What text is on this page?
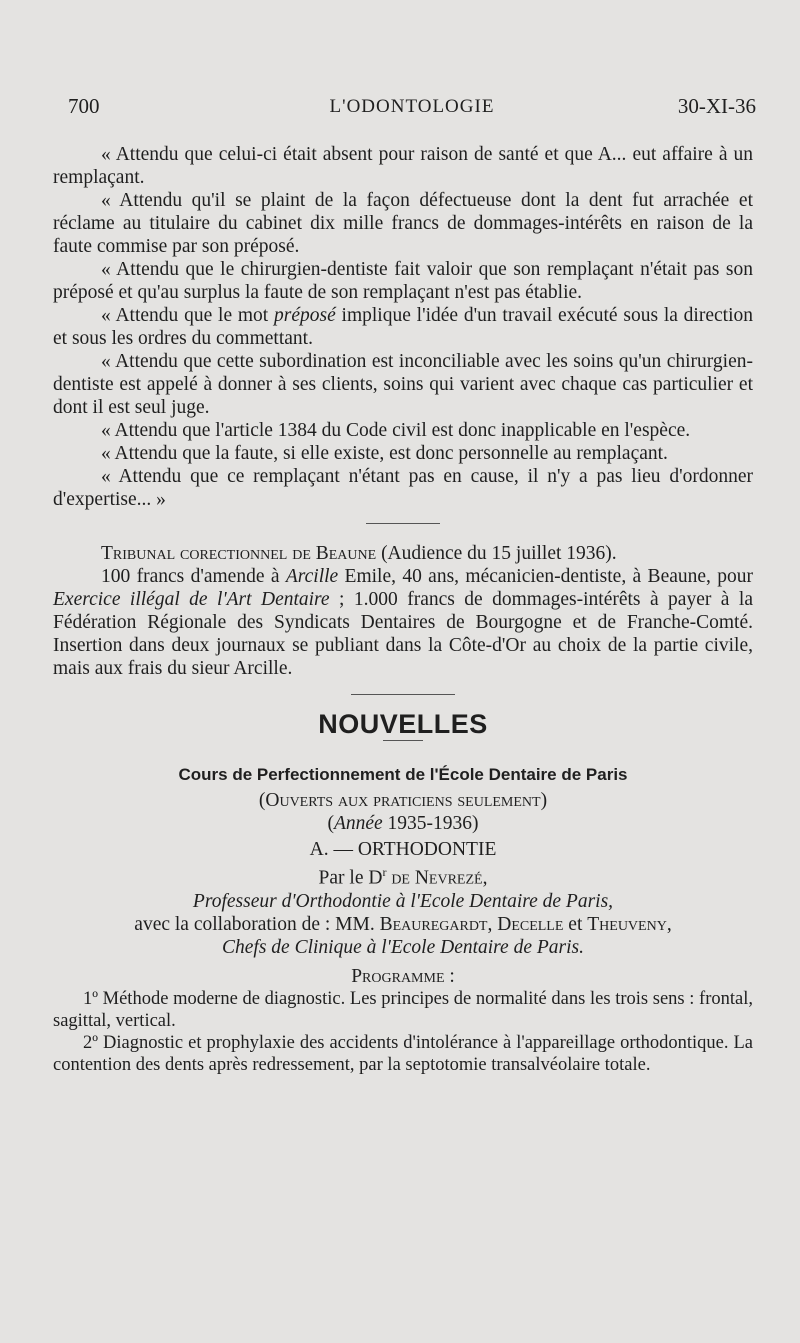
700	L'ODONTOLOGIE	30-XI-36

« Attendu que celui-ci était absent pour raison de santé et que A... eut affaire à un remplaçant.

« Attendu qu'il se plaint de la façon défectueuse dont la dent fut arrachée et réclame au titulaire du cabinet dix mille francs de dommages-intérêts en raison de la faute commise par son préposé.

« Attendu que le chirurgien-dentiste fait valoir que son remplaçant n'était pas son préposé et qu'au surplus la faute de son remplaçant n'est pas établie.

« Attendu que le mot préposé implique l'idée d'un travail exécuté sous la direction et sous les ordres du commettant.

« Attendu que cette subordination est inconciliable avec les soins qu'un chirurgien-dentiste est appelé à donner à ses clients, soins qui varient avec chaque cas particulier et dont il est seul juge.

« Attendu que l'article 1384 du Code civil est donc inapplicable en l'espèce.

« Attendu que la faute, si elle existe, est donc personnelle au remplaçant.

« Attendu que ce remplaçant n'étant pas en cause, il n'y a pas lieu d'ordonner d'expertise... »

Tribunal corectionnel de Beaune (Audience du 15 juillet 1936).

100 francs d'amende à Arcille Emile, 40 ans, mécanicien-dentiste, à Beaune, pour Exercice illégal de l'Art Dentaire ; 1.000 francs de dommages-intérêts à payer à la Fédération Régionale des Syndicats Dentaires de Bourgogne et de Franche-Comté. Insertion dans deux journaux se publiant dans la Côte-d'Or au choix de la partie civile, mais aux frais du sieur Arcille.

NOUVELLES
Cours de Perfectionnement de l'École Dentaire de Paris

(Ouverts aux praticiens seulement)

(Année 1935-1936)

A. — ORTHODONTIE

Par le $D^r$ de Nevrezé,

Professeur d'Orthodontie à l'Ecole Dentaire de Paris,

avec la collaboration de : MM. Beauregardt, Decelle et Theuveny,

Chefs de Clinique à l'Ecole Dentaire de Paris.

Programme :

1º Méthode moderne de diagnostic. Les principes de normalité dans les trois sens : frontal, sagittal, vertical.

2º Diagnostic et prophylaxie des accidents d'intolérance à l'appareillage orthodontique. La contention des dents après redressement, par la septotomie transalvéolaire totale.
